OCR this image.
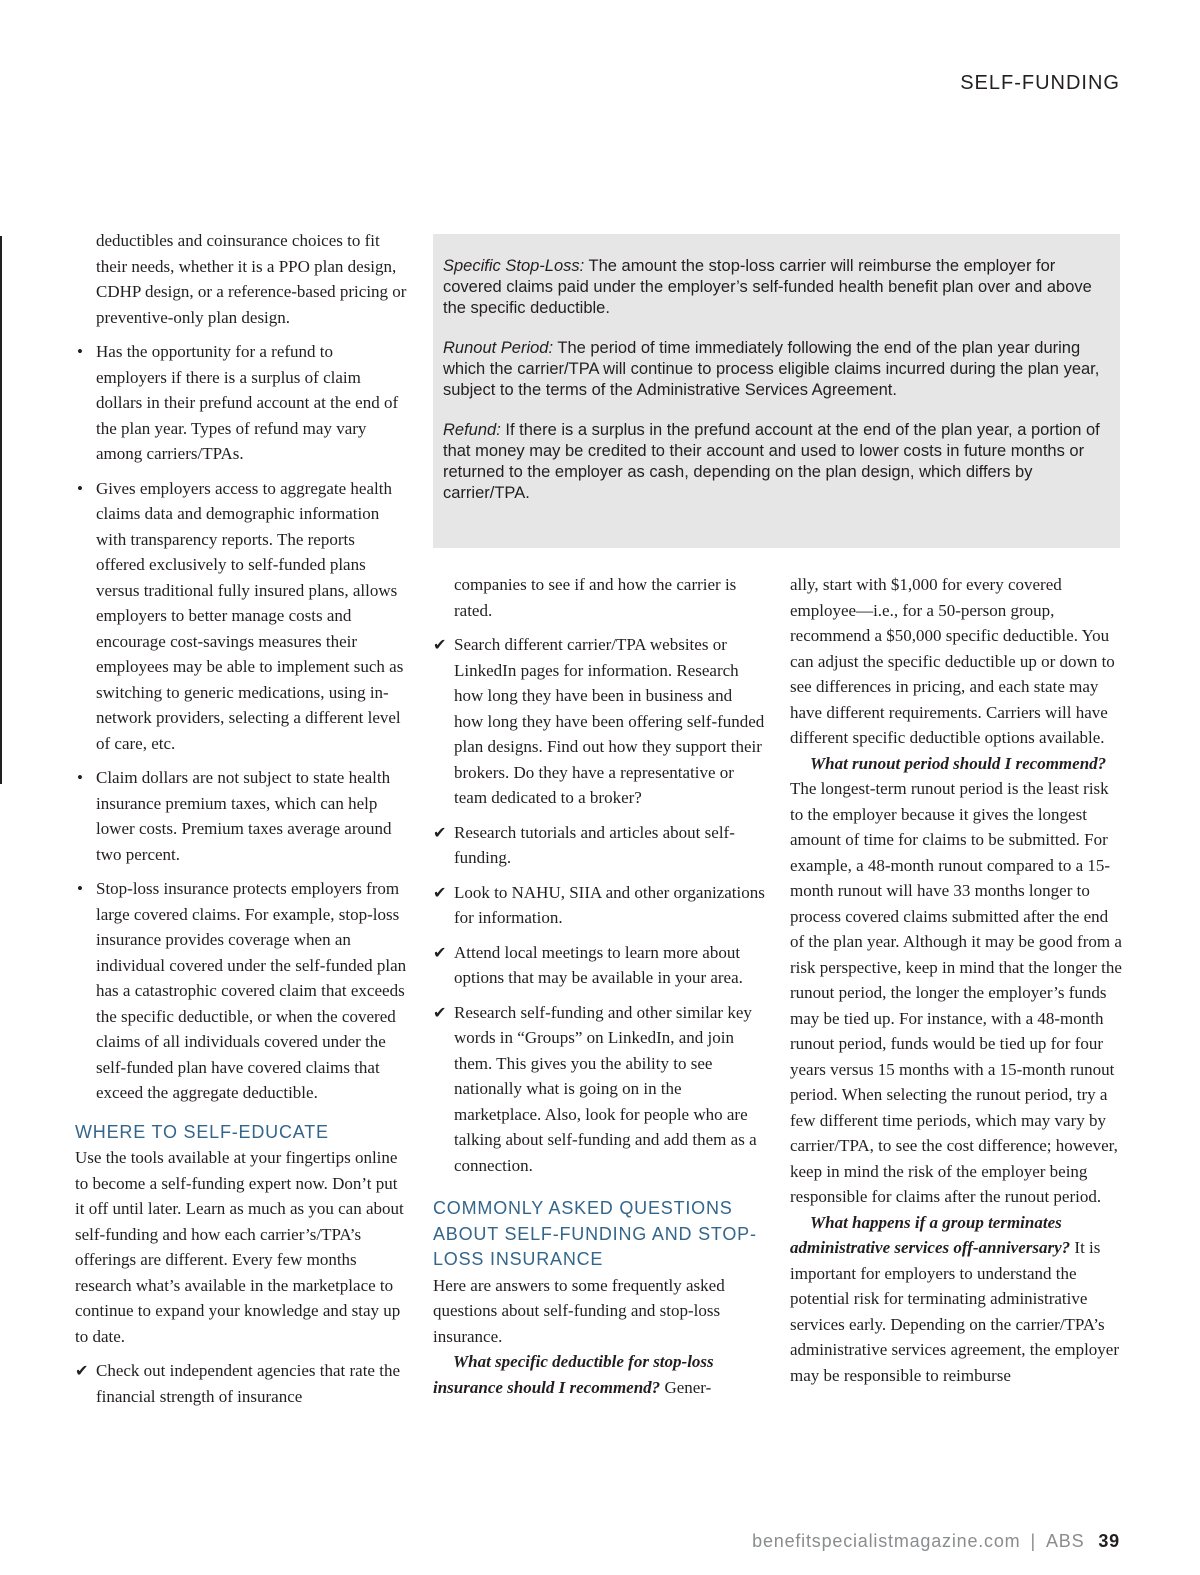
SELF-FUNDING

deductibles and coinsurance choices to fit their needs, whether it is a PPO plan design, CDHP design, or a reference-based pricing or preventive-only plan design.

• Has the opportunity for a refund to employers if there is a surplus of claim dollars in their prefund account at the end of the plan year. Types of refund may vary among carriers/TPAs.

• Gives employers access to aggregate health claims data and demographic information with transparency reports. The reports offered exclusively to self-funded plans versus traditional fully insured plans, allows employers to better manage costs and encourage cost-savings measures their employees may be able to implement such as switching to generic medications, using in-network providers, selecting a different level of care, etc.

• Claim dollars are not subject to state health insurance premium taxes, which can help lower costs. Premium taxes average around two percent.

• Stop-loss insurance protects employers from large covered claims. For example, stop-loss insurance provides coverage when an individual covered under the self-funded plan has a catastrophic covered claim that exceeds the specific deductible, or when the covered claims of all individuals covered under the self-funded plan have covered claims that exceed the aggregate deductible.

WHERE TO SELF-EDUCATE

Use the tools available at your fingertips online to become a self-funding expert now. Don’t put it off until later. Learn as much as you can about self-funding and how each carrier’s/TPA’s offerings are different. Every few months research what’s available in the marketplace to continue to expand your knowledge and stay up to date.

✔ Check out independent agencies that rate the financial strength of insurance

Specific Stop-Loss: The amount the stop-loss carrier will reimburse the employer for covered claims paid under the employer’s self-funded health benefit plan over and above the specific deductible.

Runout Period: The period of time immediately following the end of the plan year during which the carrier/TPA will continue to process eligible claims incurred during the plan year, subject to the terms of the Administrative Services Agreement.

Refund: If there is a surplus in the prefund account at the end of the plan year, a portion of that money may be credited to their account and used to lower costs in future months or returned to the employer as cash, depending on the plan design, which differs by carrier/TPA.

companies to see if and how the carrier is rated.

✔ Search different carrier/TPA websites or LinkedIn pages for information. Research how long they have been in business and how long they have been offering self-funded plan designs. Find out how they support their brokers. Do they have a representative or team dedicated to a broker?

✔ Research tutorials and articles about self-funding.

✔ Look to NAHU, SIIA and other organizations for information.

✔ Attend local meetings to learn more about options that may be available in your area.

✔ Research self-funding and other similar key words in “Groups” on LinkedIn, and join them. This gives you the ability to see nationally what is going on in the marketplace. Also, look for people who are talking about self-funding and add them as a connection.

COMMONLY ASKED QUESTIONS ABOUT SELF-FUNDING AND STOP-LOSS INSURANCE

Here are answers to some frequently asked questions about self-funding and stop-loss insurance.

What specific deductible for stop-loss insurance should I recommend? Gener-

ally, start with $1,000 for every covered employee—i.e., for a 50-person group, recommend a $50,000 specific deductible. You can adjust the specific deductible up or down to see differences in pricing, and each state may have different requirements. Carriers will have different specific deductible options available.

What runout period should I recommend? The longest-term runout period is the least risk to the employer because it gives the longest amount of time for claims to be submitted. For example, a 48-month runout compared to a 15-month runout will have 33 months longer to process covered claims submitted after the end of the plan year. Although it may be good from a risk perspective, keep in mind that the longer the runout period, the longer the employer’s funds may be tied up. For instance, with a 48-month runout period, funds would be tied up for four years versus 15 months with a 15-month runout period. When selecting the runout period, try a few different time periods, which may vary by carrier/TPA, to see the cost difference; however, keep in mind the risk of the employer being responsible for claims after the runout period.

What happens if a group terminates administrative services off-anniversary? It is important for employers to understand the potential risk for terminating administrative services early. Depending on the carrier/TPA’s administrative services agreement, the employer may be responsible to reimburse

benefitspecialistmagazine.com | ABS 39
